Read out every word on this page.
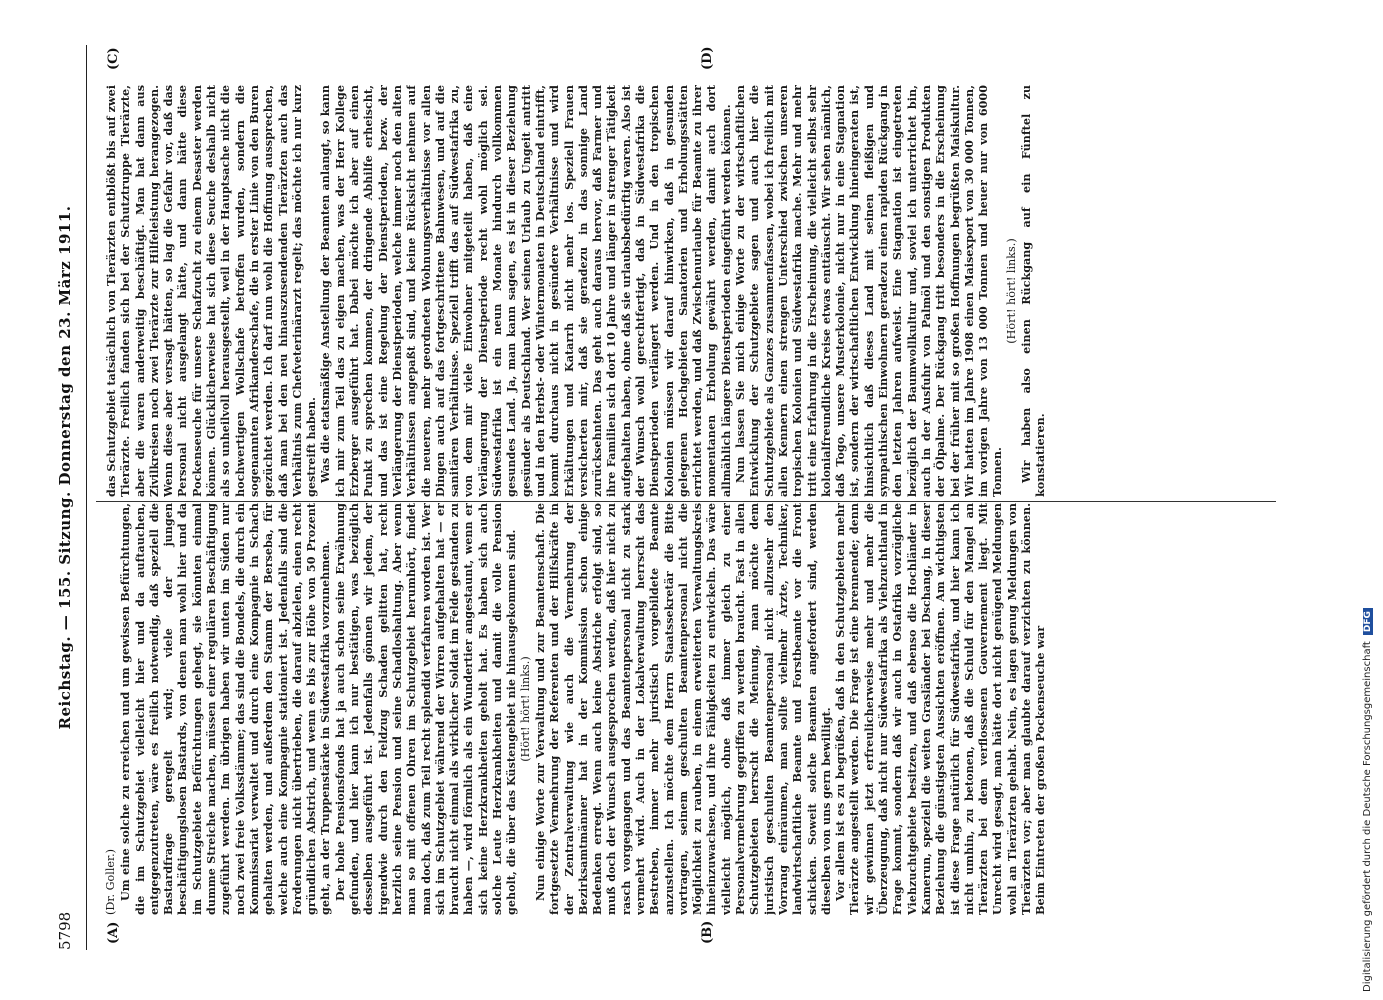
Digitalisierung gefördert durch die Deutsche ForschungsgemeinschaftDFG
5798
Reichstag. — 155. Sitzung. Donnerstag den 23. März 1911.
(A)	(B)
(C)	(D)

(Dr. Goller.) Um eine solche zu erreichen und um gewissen Befürchtungen, die im Schutzgebiet vielleicht hier und da auftauchen, entgegenzutreten, wäre es freilich notwendig, daß speziell die Bastardfrage geregelt wird; viele der jungen beschäftigungslosen Bastards, von denen man wohl hier und da im Schutzgebiete Befürchtungen gehegt, sie könnten einmal dumme Streiche machen, müssen einer regulären Beschäftigung zugeführt werden. Im übrigen haben wir unten im Süden nur noch zwei freie Volksstämme; das sind die Bondels, die durch ein Kommissariat verwaltet und durch eine Kompagnie in Schach gehalten werden, und außerdem den Stamm der Berseba, für welche auch eine Kompagnie stationiert ist. Jedenfalls sind die Forderungen nicht übertrieben, die darauf abzielen, einen recht gründlichen Abstrich, und wenn es bis zur Höhe von 50 Prozent geht, an der Truppenstärke in Südwestafrika vorzunehmen. Der hohe Pensionsfonds hat ja auch schon seine Erwähnung gefunden, und hier kann ich nur bestätigen, was bezüglich desselben ausgeführt ist. Jedenfalls gönnen wir jedem, der irgendwie durch den Feldzug Schaden gelitten hat, recht herzlich seine Pension und seine Schadloshaltung. Aber wenn man so mit offenen Ohren im Schutzgebiet herumhört, findet man doch, daß zum Teil recht splendid verfahren worden ist. Wer sich im Schutzgebiet während der Wirren aufgehalten hat — er braucht nicht einmal als wirklicher Soldat im Felde gestanden zu haben —, wird förmlich als ein Wundertier angestaunt, wenn er sich keine Herzkrankheiten geholt hat. Es haben sich auch solche Leute Herzkrankheiten und damit die volle Pension geholt, die über das Küstengebiet nie hinausgekommen sind. (Hört! hört! links.) Nun einige Worte zur Verwaltung und zur Beamtenschaft. Die fortgesetzte Vermehrung der Referenten und der Hilfskräfte in der Zentralverwaltung wie auch die Vermehrung der Bezirksamtmänner hat in der Kommission schon einige Bedenken erregt. Wenn auch keine Abstriche erfolgt sind, so muß doch der Wunsch ausgesprochen werden, daß hier nicht zu rasch vorgegangen und das Beamtenpersonal nicht zu stark vermehrt wird. Auch in der Lokalverwaltung herrscht das Bestreben, immer mehr juristisch vorgebildete Beamte anzustellen. Ich möchte dem Herrn Staatssekretär die Bitte vortragen, seinem geschulten Beamtenpersonal nicht die Möglichkeit zu rauben, in einem erweiterten Verwaltungskreis hineinzuwachsen, und ihre Fähigkeiten zu entwickeln. Das wäre vielleicht möglich, ohne daß immer gleich zu einer Personalvermehrung gegriffen zu werden braucht. Fast in allen Schutzgebieten herrscht die Meinung, man möchte dem juristisch geschulten Beamtenpersonal nicht allzusehr den Vorrang einräumen, man sollte vielmehr Ärzte, Techniker, landwirtschaftliche Beamte und Forstbeamte vor die Front schicken. Soweit solche Beamten angefordert sind, werden dieselben von uns gern bewilligt. Vor allem ist es zu begrüßen, daß in den Schutzgebieten mehr Tierärzte angestellt werden. Die Frage ist eine brennende; denn wir gewinnen jetzt erfreulicherweise mehr und mehr die Überzeugung, daß nicht nur Südwestafrika als Viehzuchtland in Frage kommt, sondern daß wir auch in Ostafrika vorzügliche Viehzuchtgebiete besitzen, und daß ebenso die Hochländer in Kamerun, speziell die weiten Grasländer bei Dschang, in dieser Beziehung die günstigsten Aussichten eröffnen. Am wichtigsten ist diese Frage natürlich für Südwestafrika, und hier kann ich nicht umhin, zu betonen, daß die Schuld für den Mangel an Tierärzten bei dem verflossenen Gouvernement liegt. Mit Unrecht wird gesagt, man hätte dort nicht genügend Meldungen wohl an Tierärzten gehabt. Nein, es lagen genug Meldungen von Tierärzten vor; aber man glaubte darauf verzichten zu können. Beim Eintreten der großen Pockenseuche war

das Schutzgebiet tatsächlich von Tierärzten entblößt bis auf zwei Tierärzte. Freilich fanden sich bei der Schutztruppe Tierärzte, aber die waren anderweitig beschäftigt. Man hat dann aus Zivilkreisen noch zwei Tierärzte zur Hilfeleistung herangezogen. Wenn diese aber versagt hätten, so lag die Gefahr vor, daß das Personal nicht ausgelangt hätte, und dann hätte diese Pockenseuche für unsere Schafzucht zu einem Desaster werden können. Glücklicherweise hat sich diese Seuche deshalb nicht als so unheilvoll herausgestellt, weil in der Hauptsache nicht die hochwertigen Wollschafe betroffen wurden, sondern die sogenannten Afrikanderschafe, die in erster Linie von den Buren gezüchtet werden. Ich darf nun wohl die Hoffnung aussprechen, daß man bei den neu hinauszusendenden Tierärzten auch das Verhältnis zum Chefveterinärarzt regelt; das möchte ich nur kurz gestreift haben. Was die etatsmäßige Anstellung der Beamten anlangt, so kann ich mir zum Teil das zu eigen machen, was der Herr Kollege Erzberger ausgeführt hat. Dabei möchte ich aber auf einen Punkt zu sprechen kommen, der dringende Abhilfe erheischt, und das ist eine Regelung der Dienstperioden, bezw. der Verlängerung der Dienstperioden, welche immer noch den alten Verhältnissen angepaßt sind, und keine Rücksicht nehmen auf die neueren, mehr geordneten Wohnungsverhältnisse vor allen Dingen auch auf das fortgeschrittene Bahnwesen, und auf die sanitären Verhältnisse. Speziell trifft das auf Südwestafrika zu, von dem mir viele Einwohner mitgeteilt haben, daß eine Verlängerung der Dienstperiode recht wohl möglich sei. Südwestafrika ist ein neun Monate hindurch vollkommen gesundes Land. Ja, man kann sagen, es ist in dieser Beziehung gesünder als Deutschland. Wer seinen Urlaub zu Ungeit antritt und in den Herbst- oder Wintermonaten in Deutschland eintrifft, kommt durchaus nicht in gesündere Verhältnisse und wird Erkältungen und Katarrh nicht mehr los. Speziell Frauen versicherten mir, daß sie geradezu in das sonnige Land zurücksehnten. Das geht auch daraus hervor, daß Farmer und ihre Familien sich dort 10 Jahre und länger in strenger Tätigkeit aufgehalten haben, ohne daß sie urlaubsbedürftig waren. Also ist der Wunsch wohl gerechtfertigt, daß in Südwestafrika die Dienstperioden verlängert werden. Und in den tropischen Kolonien müssen wir darauf hinwirken, daß in gesunden gelegenen Hochgebieten Sanatorien und Erholungsstätten errichtet werden, und daß Zwischenurlaube für Beamte zu ihrer momentanen Erholung gewährt werden, damit auch dort allmählich längere Dienstperioden eingeführt werden können. Nun lassen Sie mich einige Worte zu der wirtschaftlichen Entwicklung der Schutzgebiete sagen und auch hier die Schutzgebiete als Ganzes zusammenfassen, wobei ich freilich mit allen Kennern einen strengen Unterschied zwischen unseren tropischen Kolonien und Südwestafrika mache. Mehr und mehr tritt eine Erfahrung in die Erscheinung, die vielleicht selbst sehr kolonialfreundliche Kreise etwas enttäuscht. Wir sehen nämlich, daß Togo, unsere Musterkolonie, nicht nur in eine Stagnation ist, sondern der wirtschaftlichen Entwicklung hineingeraten ist, hinsichtlich daß dieses Land mit seinen fleißigen und sympathischen Einwohnern geradezu einen rapiden Rückgang in den letzten Jahren aufweist. Eine Stagnation ist eingetreten bezüglich der Baumwollkultur und, soviel ich unterrichtet bin, auch in der Ausfuhr von Palmöl und den sonstigen Produkten der Ölpalme. Der Rückgang tritt besonders in die Erscheinung bei der früher mit so großen Hoffnungen begrüßten Maiskultur. Wir hatten im Jahre 1908 einen Maisexport von 30 000 Tonnen, im vorigen Jahre von 13 000 Tonnen und heuer nur von 6000 Tonnen.

(Hört! hört! links.) Wir haben also einen Rückgang auf ein Fünftel zu konstatieren.
